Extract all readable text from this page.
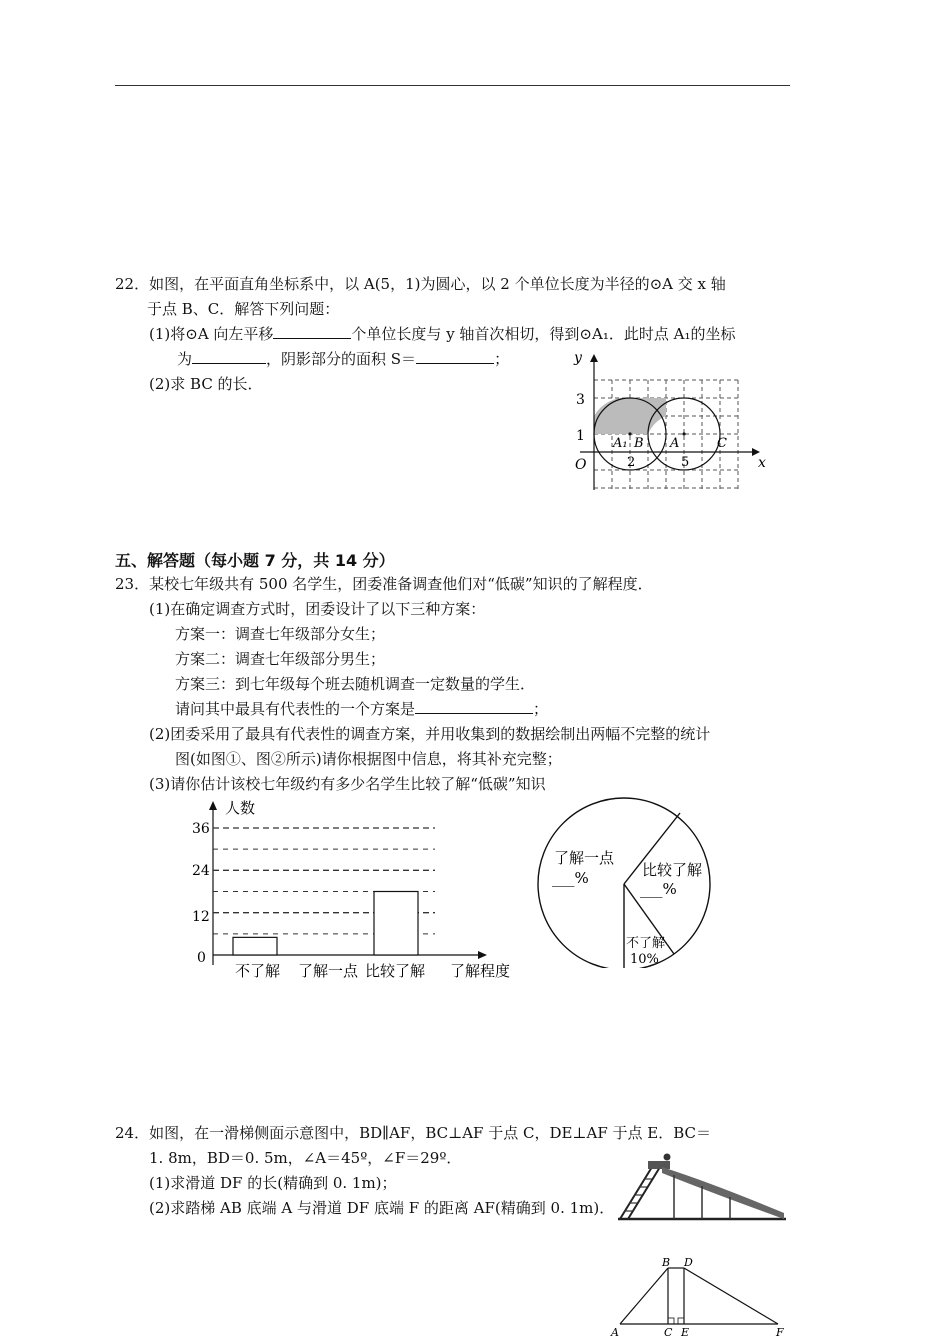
22．如图，在平面直角坐标系中，以 A(5，1)为圆心，以 2 个单位长度为半径的⊙A 交 x 轴
于点 B、C．解答下列问题：
(1)将⊙A 向左平移	个单位长度与 y 轴首次相切，得到⊙A₁．此时点 A₁的坐标
为	，阴影部分的面积 S＝	；
(2)求 BC 的长．
y
x
O
3
1
2	5
A₁ B A	C
五、解答题（每小题 7 分，共 14 分）
23．某校七年级共有 500 名学生，团委准备调查他们对“低碳”知识的了解程度．
(1)在确定调查方式时，团委设计了以下三种方案：
方案一：调查七年级部分女生；
方案二：调查七年级部分男生；
方案三：到七年级每个班去随机调查一定数量的学生．
请问其中最具有代表性的一个方案是	；
(2)团委采用了最具有代表性的调查方案，并用收集到的数据绘制出两幅不完整的统计
图(如图①、图②所示)请你根据图中信息，将其补充完整；
(3)请你估计该校七年级约有多少名学生比较了解“低碳”知识
人数
36
24
12
0
不了解 了解一点 比较了解 了解程度
了解一点
___%	比较了解
___%
不了解
10%
24．如图，在一滑梯侧面示意图中，BD∥AF，BC⊥AF 于点 C，DE⊥AF 于点 E．BC＝
1. 8m，BD＝0. 5m，∠A＝45º，∠F＝29º．
(1)求滑道 DF 的长(精确到 0. 1m)；
(2)求踏梯 AB 底端 A 与滑道 DF 底端 F 的距离 AF(精确到 0. 1m)．
A
B
C
D
E	F
